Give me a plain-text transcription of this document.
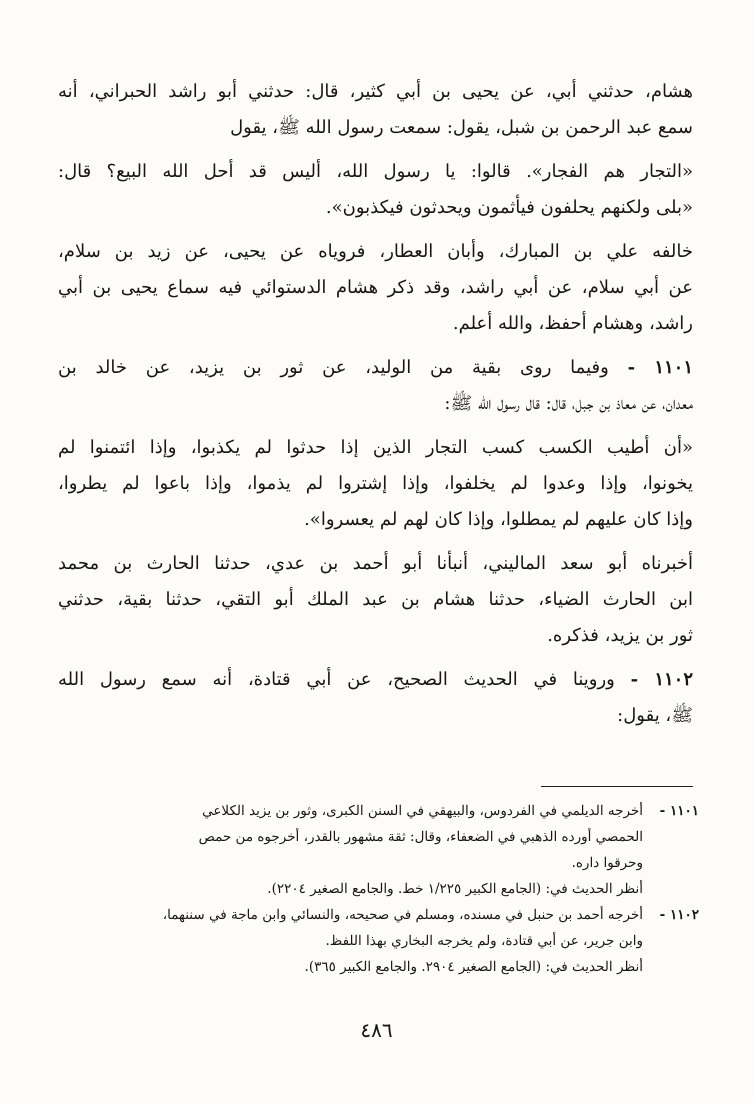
هشام، حدثني أبي، عن يحيى بن أبي كثير، قال: حدثني أبو راشد الحبراني، أنه
سمع عبد الرحمن بن شبل، يقول: سمعت رسول الله ﷺ، يقول
«التجار هم الفجار». قالوا: يا رسول الله، أليس قد أحل الله البيع؟ قال:
«بلى ولكنهم يحلفون فيأثمون ويحدثون فيكذبون».
خالفه علي بن المبارك، وأبان العطار، فروياه عن يحيى، عن زيد بن سلام،
عن أبي سلام، عن أبي راشد، وقد ذكر هشام الدستوائي فيه سماع يحيى بن أبي
راشد، وهشام أحفظ، والله أعلم.
١١٠١ - وفيما روى بقية من الوليد، عن ثور بن يزيد، عن خالد بن
معدان، عن معاذ بن جبل، قال: قال رسول الله ﷺ:
«أن أطيب الكسب كسب التجار الذين إذا حدثوا لم يكذبوا، وإذا ائتمنوا لم
يخونوا، وإذا وعدوا لم يخلفوا، وإذا إشتروا لم يذموا، وإذا باعوا لم يطروا،
وإذا كان عليهم لم يمطلوا، وإذا كان لهم لم يعسروا».
أخبرناه أبو سعد الماليني، أنبأنا أبو أحمد بن عدي، حدثنا الحارث بن محمد
ابن الحارث الضياء، حدثنا هشام بن عبد الملك أبو التقي، حدثنا بقية، حدثني
ثور بن يزيد، فذكره.
١١٠٢ - وروينا في الحديث الصحيح، عن أبي قتادة، أنه سمع رسول الله
ﷺ، يقول:
١١٠١ -أخرجه الديلمي في الفردوس، والبيهقي في السنن الكبرى، وثور بن يزيد الكلاعي
الحمصي أورده الذهبي في الضعفاء، وقال: ثقة مشهور بالقدر، أخرجوه من حمص
وحرقوا داره.
أنظر الحديث في: (الجامع الكبير ١/٢٢٥ خط. والجامع الصغير ٢٢٠٤).
١١٠٢ -أخرجه أحمد بن حنبل في مسنده، ومسلم في صحيحه، والنسائي وابن ماجة في سننهما،
وابن جرير، عن أبي قتادة، ولم يخرجه البخاري بهذا اللفظ.
أنظر الحديث في: (الجامع الصغير ٢٩٠٤. والجامع الكبير ٣٦٥).
٤٨٦
